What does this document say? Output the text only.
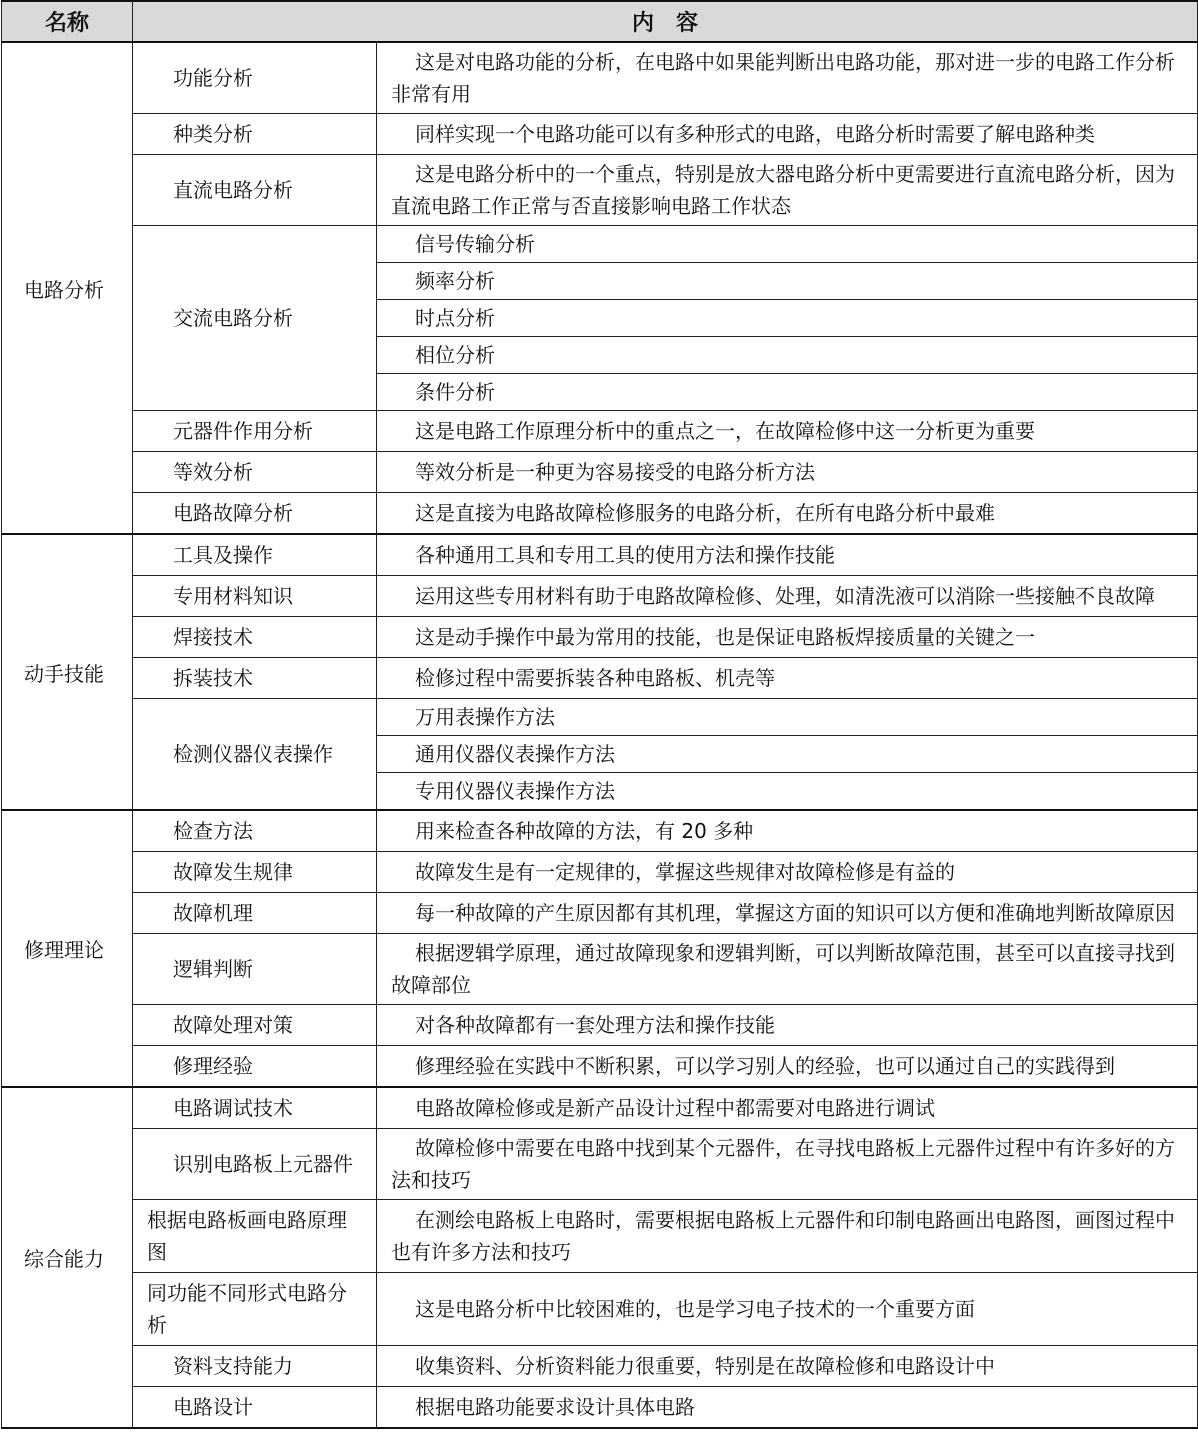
名称	内　容	
电路分析	功能分析	这是对电路功能的分析，在电路中如果能判断出电路功能，那对进一步的电路工作分析非常有用
	种类分析	同样实现一个电路功能可以有多种形式的电路，电路分析时需要了解电路种类
	直流电路分析	这是电路分析中的一个重点，特别是放大器电路分析中更需要进行直流电路分析，因为直流电路工作正常与否直接影响电路工作状态
	交流电路分析	信号传输分析
		频率分析
		时点分析
		相位分析
		条件分析
	元器件作用分析	这是电路工作原理分析中的重点之一，在故障检修中这一分析更为重要
	等效分析	等效分析是一种更为容易接受的电路分析方法
	电路故障分析	这是直接为电路故障检修服务的电路分析，在所有电路分析中最难
动手技能	工具及操作	各种通用工具和专用工具的使用方法和操作技能
	专用材料知识	运用这些专用材料有助于电路故障检修、处理，如清洗液可以消除一些接触不良故障
	焊接技术	这是动手操作中最为常用的技能，也是保证电路板焊接质量的关键之一
	拆装技术	检修过程中需要拆装各种电路板、机壳等
	检测仪器仪表操作	万用表操作方法
		通用仪器仪表操作方法
		专用仪器仪表操作方法
修理理论	检查方法	用来检查各种故障的方法，有 20 多种
	故障发生规律	故障发生是有一定规律的，掌握这些规律对故障检修是有益的
	故障机理	每一种故障的产生原因都有其机理，掌握这方面的知识可以方便和准确地判断故障原因
	逻辑判断	根据逻辑学原理，通过故障现象和逻辑判断，可以判断故障范围，甚至可以直接寻找到故障部位
	故障处理对策	对各种故障都有一套处理方法和操作技能
	修理经验	修理经验在实践中不断积累，可以学习别人的经验，也可以通过自己的实践得到
综合能力	电路调试技术	电路故障检修或是新产品设计过程中都需要对电路进行调试
	识别电路板上元器件	故障检修中需要在电路中找到某个元器件，在寻找电路板上元器件过程中有许多好的方法和技巧
	根据电路板画电路原理图	在测绘电路板上电路时，需要根据电路板上元器件和印制电路画出电路图，画图过程中也有许多方法和技巧
	同功能不同形式电路分析	这是电路分析中比较困难的，也是学习电子技术的一个重要方面
	资料支持能力	收集资料、分析资料能力很重要，特别是在故障检修和电路设计中
	电路设计	根据电路功能要求设计具体电路
